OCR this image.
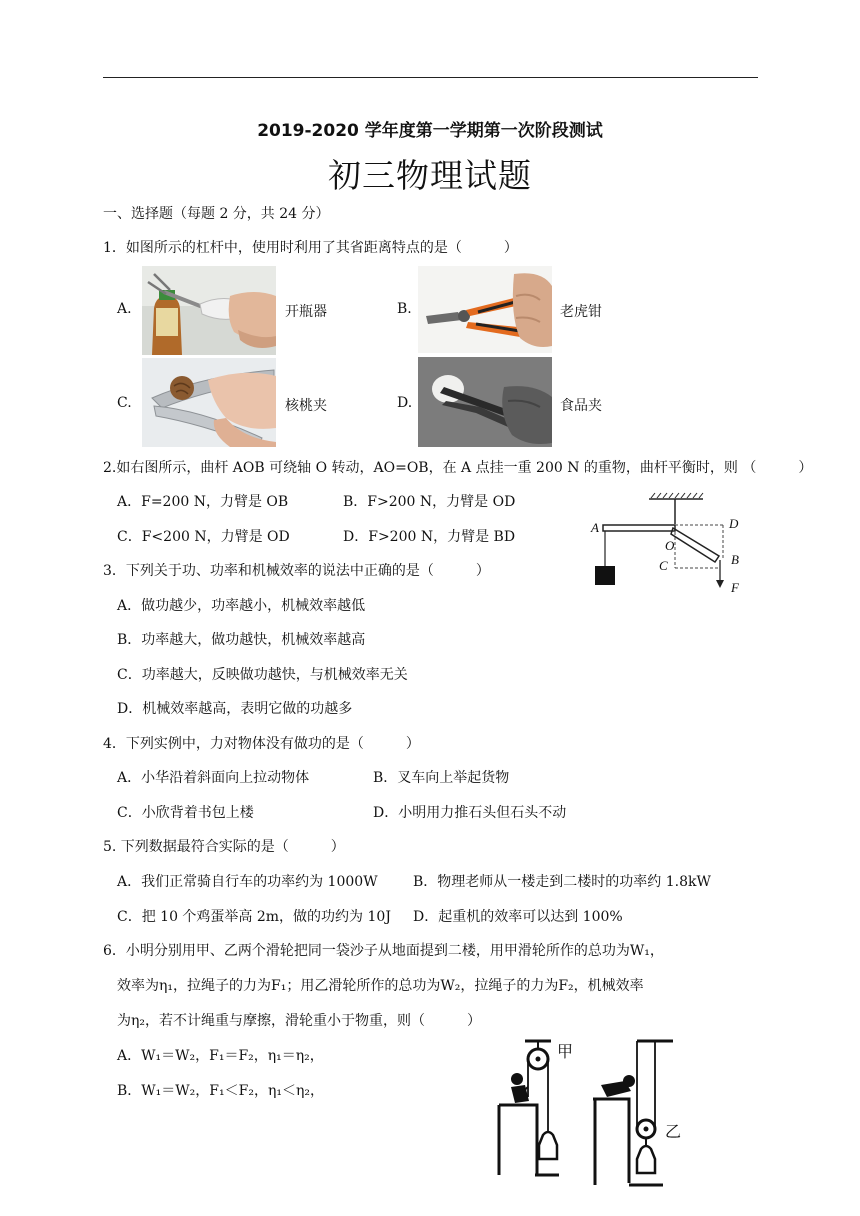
2019-2020 学年度第一学期第一次阶段测试
初三物理试题
一、选择题（每题 2 分，共 24 分）
1．如图所示的杠杆中，使用时利用了其省距离特点的是（　　　）
A.	开瓶器	B.	老虎钳
C.	核桃夹	D.	食品夹
2.如右图所示，曲杆 AOB 可绕轴 O 转动，AO=OB，在 A 点挂一重 200 N 的重物，曲杆平衡时，则 （　　　）
A．F=200 N，力臂是 OB	B．F>200 N，力臂是 OD
C．F<200 N，力臂是 OD	D．F>200 N，力臂是 BD
A	D
O
B
C
F
3．下列关于功、功率和机械效率的说法中正确的是（　　　）
A．做功越少，功率越小，机械效率越低
B．功率越大，做功越快，机械效率越高
C．功率越大，反映做功越快，与机械效率无关
D．机械效率越高，表明它做的功越多
4．下列实例中，力对物体没有做功的是（　　　）
A．小华沿着斜面向上拉动物体	B．叉车向上举起货物
C．小欣背着书包上楼	D．小明用力推石头但石头不动
5. 下列数据最符合实际的是（　　　）
A．我们正常骑自行车的功率约为 1000W	B．物理老师从一楼走到二楼时的功率约 1.8kW
C．把 10 个鸡蛋举高 2m，做的功约为 10J D．起重机的效率可以达到 100%
6．小明分别用甲、乙两个滑轮把同一袋沙子从地面提到二楼，用甲滑轮所作的总功为W₁，
效率为η₁，拉绳子的力为F₁；用乙滑轮所作的总功为W₂，拉绳子的力为F₂，机械效率
为η₂，若不计绳重与摩擦，滑轮重小于物重，则（　　　）
A．W₁＝W₂，F₁＝F₂，η₁＝η₂，
B．W₁＝W₂，F₁＜F₂，η₁＜η₂，
甲
乙
